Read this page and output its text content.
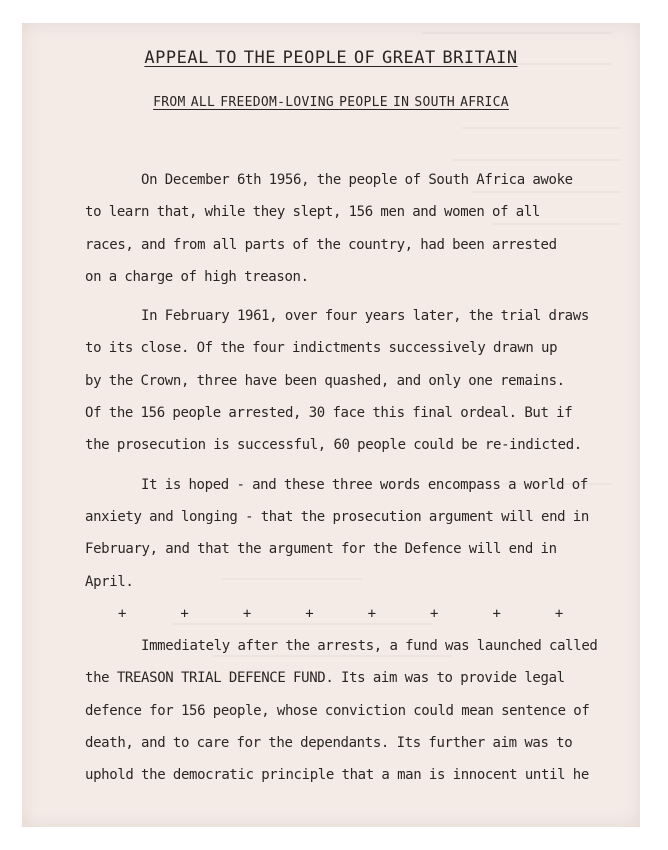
APPEAL TO THE PEOPLE OF GREAT BRITAIN
FROM ALL FREEDOM-LOVING PEOPLE IN SOUTH AFRICA

On December 6th 1956, the people of South Africa awoke
to learn that, while they slept, 156 men and women of all
races, and from all parts of the country, had been arrested
on a charge of high treason.

In February 1961, over four years later, the trial draws
to its close. Of the four indictments successively drawn up
by the Crown, three have been quashed, and only one remains.
Of the 156 people arrested, 30 face this final ordeal. But if
the prosecution is successful, 60 people could be re-indicted.

It is hoped - and these three words encompass a world of
anxiety and longing - that the prosecution argument will end in
February, and that the argument for the Defence will end in
April.

+	+	+	+	+	+	+	+

Immediately after the arrests, a fund was launched called
the TREASON TRIAL DEFENCE FUND. Its aim was to provide legal
defence for 156 people, whose conviction could mean sentence of
death, and to care for the dependants. Its further aim was to
uphold the democratic principle that a man is innocent until he
